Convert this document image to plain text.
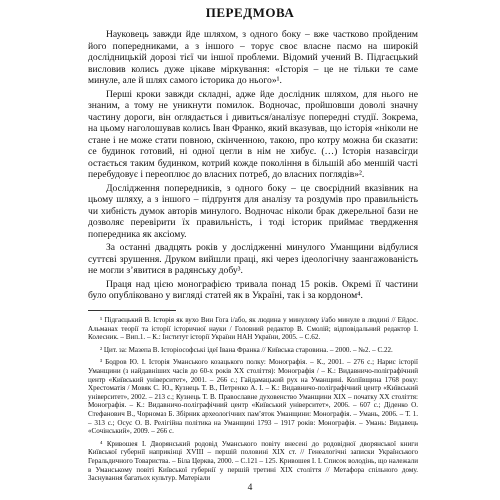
ПЕРЕДМОВА

Науковець завжди йде шляхом, з одного боку – вже частково пройденим його попередниками, а з іншого – торує своє власне пасмо на широкій дослідницькій дорозі тієї чи іншої проблеми. Відомий учений В. Підгаєцький висловив колись дуже цікаве міркування: «Історія – це не тільки те саме минуле, але й шлях самого історика до нього»¹.

Перші кроки завжди складні, адже йде дослідник шляхом, для нього не знаним, а тому не уникнути помилок. Водночас, пройшовши доволі значну частину дороги, він оглядається і дивиться/аналізує попередні студії. Зокрема, на цьому наголошував колись Іван Франко, який вказував, що історія «ніколи не стане і не може стати повною, скінченною, такою, про котру можна би сказати: се будинок готовий, ні одної цегли в нім не хибує. (…) Історія назавсігди остається таким будинком, котрий кожде покоління в більшій або меншій часті перебудовує і переоплює до власних потреб, до власних поглядів»².

Дослідження попередників, з одного боку – це своєрідний вказівник на цьому шляху, а з іншого – підґрунтя для аналізу та роздумів про правильність чи хибність думок авторів минулого. Водночас ніколи брак джерельної бази не дозволяє перевірити їх правильність, і тоді історик приймає твердження попередника як аксіому.

За останні двадцять років у дослідженні минулого Уманщини відбулися суттєві зрушення. Друком вийшли праці, які через ідеологічну заангажованість не могли з’явитися в радянську добу³.

Праця над цією монографією тривала понад 15 років. Окремі її частини було опубліковано у вигляді статей як в Україні, так і за кордоном⁴.

¹ Підгаєцький В. Історія як вухо Вин Гога і/або, як людина у минулому і/або минуле в людині // Ейдос. Альманах теорії та історії історичної науки / Головний редактор В. Смолій; відповідальний редактор І. Колесник. – Вип.1. – К.: Інститут історії України НАН України, 2005. – С.62.

² Цит. за: Мазепа В. Історіософські ідеї Івана Франка // Київська старовина. – 2000. – №2. – С.22.

³ Бодров Ю. І. Історія Уманського козацького полку: Монографія. – К., 2001. – 276 с.; Нарис історії Уманщини (з найдавніших часів до 60-х років ХХ століття): Монографія / – К.: Видавничо-поліграфічний центр «Київський університет», 2001. – 266 с.; Гайдамацький рух на Уманщині. Коліївщина 1768 року: Хрестоматія / Мовяк С. Ю., Кузнець Т. В., Петренко А. І. – К.: Видавничо-поліграфічний центр «Київський університет», 2002. – 213 с.; Кузнець Т. В. Православне духовенство Уманщини ХІХ – початку ХХ століття: Монографія. – К.: Видавничо-поліграфічний центр «Київський університет», 2006. – 607 с.; Діденко О. Стефанович В., Чорномаз Б. Збірник археологічних пам’яток Уманщини: Монографія. – Умань, 2006. – Т. 1. – 313 с.; Осус О. В. Релігійна політика на Уманщині 1793 – 1917 років: Монографія. – Умань: Видавець «Сочінський», 2009. – 266 с.

⁴ Кривошея І. Дворянський родовід Уманського повіту внесені до родовідної дворянської книги Київської губернії наприкінці XVIII – першій половині ХІХ ст. // Генеалогічні записки Українського Геральдичного Товариства. – Біла Церква, 2000. – С.121 – 125. Кривошея І. І. Список володінь, що належали в Уманському повіті Київської губернії у першій третині ХІХ століття // Метафора спільного дому. Заснування багатьох культур. Матеріали

4
